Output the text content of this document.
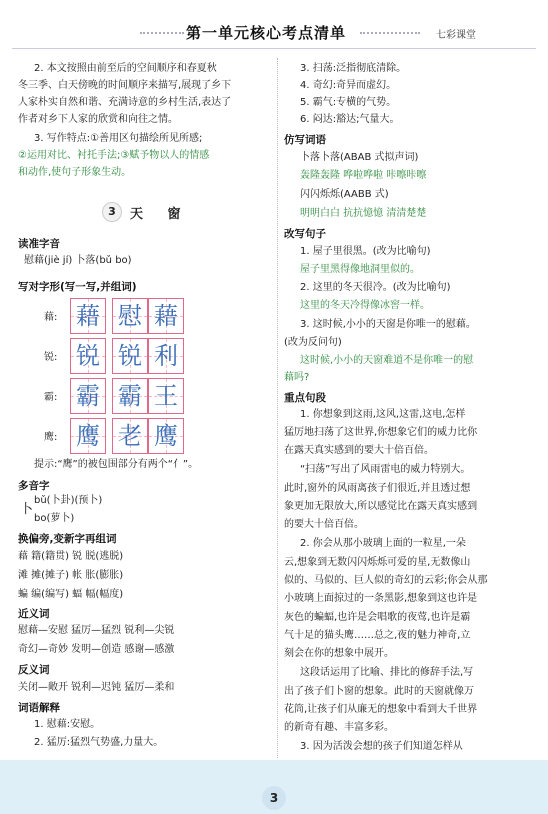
第一单元核心考点清单	七彩课堂
2. 本文按照由前至后的空间顺序和春夏秋
冬三季、白天傍晚的时间顺序来描写,展现了乡下
人家朴实自然和谐、充满诗意的乡村生活,表达了
作者对乡下人家的欣赏和向往之情。
3. 写作特点:①善用区句描绘所见所感;
②运用对比、衬托手法;③赋予物以人的情感
和动作,使句子形象生动。
3	天 窗
读准字音
慰藉(jiè jí) 卜落(bǔ bo)
写对字形(写一写,并组词)
藉: 藉 慰 藉
锐: 锐 锐 利
霸: 霸 霸 王
鹰: 鹰 老 鹰
提示:“鹰”的被包围部分有两个“亻”。
多音字
卜
bǔ(卜卦)(预卜)
bo(萝卜)
换偏旁,变新字再组词
藉 籍(籍贯) 锐 脱(逃脱)
滩 摊(摊子) 帐 胀(膨胀)
蝙 编(编写) 蝠 幅(幅度)
近义词
慰藉—安慰 猛厉—猛烈 锐利—尖锐
奇幻—奇妙 发明—创造 感谢—感激
反义词
关闭—敞开 锐利—迟钝 猛厉—柔和
词语解释
1. 慰藉:安慰。
2. 猛厉:猛烈气势盛,力量大。
3. 扫荡:泛指彻底清除。
4. 奇幻:奇异而虚幻。
5. 霸气:专横的气势。
6. 闷达:豁达;气量大。
仿写词语
卜落卜落(ABAB 式拟声词)
轰隆轰隆 哗啦哗啦 咔嚓咔嚓
闪闪烁烁(AABB 式)
明明白白 抗抗憶憶 清清楚楚
改写句子
1. 屋子里很黑。(改为比喻句)
屋子里黑得像地洞里似的。
2. 这里的冬天很冷。(改为比喻句)
这里的冬天冷得像冰窖一样。
3. 这时候,小小的天窗是你唯一的慰藉。
(改为反问句)
这时候,小小的天窗难道不是你唯一的慰
藉吗?
重点句段
1. 你想象到这雨,这风,这雷,这电,怎样
猛厉地扫荡了这世界,你想象它们的威力比你
在露天真实感到的要大十倍百倍。
“扫荡”写出了风雨雷电的威力特别大。
此时,窗外的风雨离孩子们很近,并且透过想
象更加无限放大,所以感觉比在露天真实感到
的要大十倍百倍。
2. 你会从那小玻璃上面的一粒星,一朵
云,想象到无数闪闪烁烁可爱的星,无数像山
似的、马似的、巨人似的奇幻的云彩;你会从那
小玻璃上面掠过的一条黑影,想象到这也许是
灰色的蝙蝠,也许是会唱歌的夜莺,也许是霸
气十足的猫头鹰……总之,夜的魅力神奇,立
刻会在你的想象中展开。
这段话运用了比喻、排比的修辞手法,写
出了孩子们卜窗的想象。此时的天窗就像万
花筒,让孩子们从廉无的想象中看到大千世界
的新奇有趣、丰富多彩。
3. 因为活泼会想的孩子们知道怎样从
3
